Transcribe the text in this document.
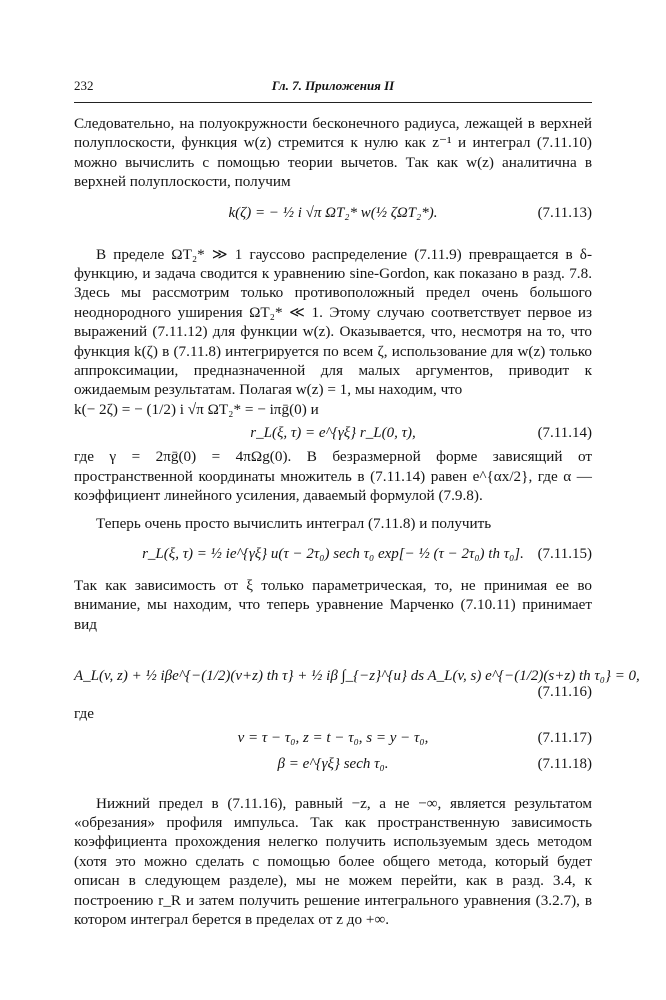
232	Гл. 7. Приложения II

Следовательно, на полуокружности бесконечного радиуса, лежащей в верхней полуплоскости, функция w(z) стремится к нулю как z⁻¹ и интеграл (7.11.10) можно вычислить с помощью теории вычетов. Так как w(z) аналитична в верхней полуплоскости, получим

k(ζ) = − ½ i √π ΩT₂* w(½ ζΩT₂*).	(7.11.13)

В пределе ΩT₂* ≫ 1 гауссово распределение (7.11.9) превращается в δ-функцию, и задача сводится к уравнению sine-Gordon, как показано в разд. 7.8. Здесь мы рассмотрим только противоположный предел очень большого неоднородного уширения ΩT₂* ≪ 1. Этому случаю соответствует первое из выражений (7.11.12) для функции w(z). Оказывается, что, несмотря на то, что функция k(ζ) в (7.11.8) интегрируется по всем ζ, использование для w(z) только аппроксимации, предназначенной для малых аргументов, приводит к ожидаемым результатам. Полагая w(z) = 1, мы находим, что

k(− 2ζ) = − (1/2) i √π ΩT₂* = − iπḡ(0) и

r_L(ξ, τ) = e^{γξ} r_L(0, τ),	(7.11.14)

где γ = 2πḡ(0) = 4πΩg(0). В безразмерной форме зависящий от пространственной координаты множитель в (7.11.14) равен e^{αx/2}, где α — коэффициент линейного усиления, даваемый формулой (7.9.8).

Теперь очень просто вычислить интеграл (7.11.8) и получить

r_L(ξ, τ) = ½ ie^{γξ} u(τ − 2τ₀) sech τ₀ exp[− ½ (τ − 2τ₀) th τ₀]. (7.11.15)

Так как зависимость от ξ только параметрическая, то, не принимая ее во внимание, мы находим, что теперь уравнение Марченко (7.10.11) принимает вид

A_L(v, z) + ½ iβe^{−(1/2)(v+z) th τ} + ½ iβ ∫_{−z}^{u} ds A_L(v, s) e^{−(1/2)(s+z) th τ₀} = 0,
(7.11.16)

где

v = τ − τ₀, z = t − τ₀, s = y − τ₀,	(7.11.17)
β = e^{γξ} sech τ₀.	(7.11.18)

Нижний предел в (7.11.16), равный −z, а не −∞, является результатом «обрезания» профиля импульса. Так как пространственную зависимость коэффициента прохождения нелегко получить используемым здесь методом (хотя это можно сделать с помощью более общего метода, который будет описан в следующем разделе), мы не можем перейти, как в разд. 3.4, к построению r_R и затем получить решение интегрального уравнения (3.2.7), в котором интеграл берется в пределах от z до +∞.
